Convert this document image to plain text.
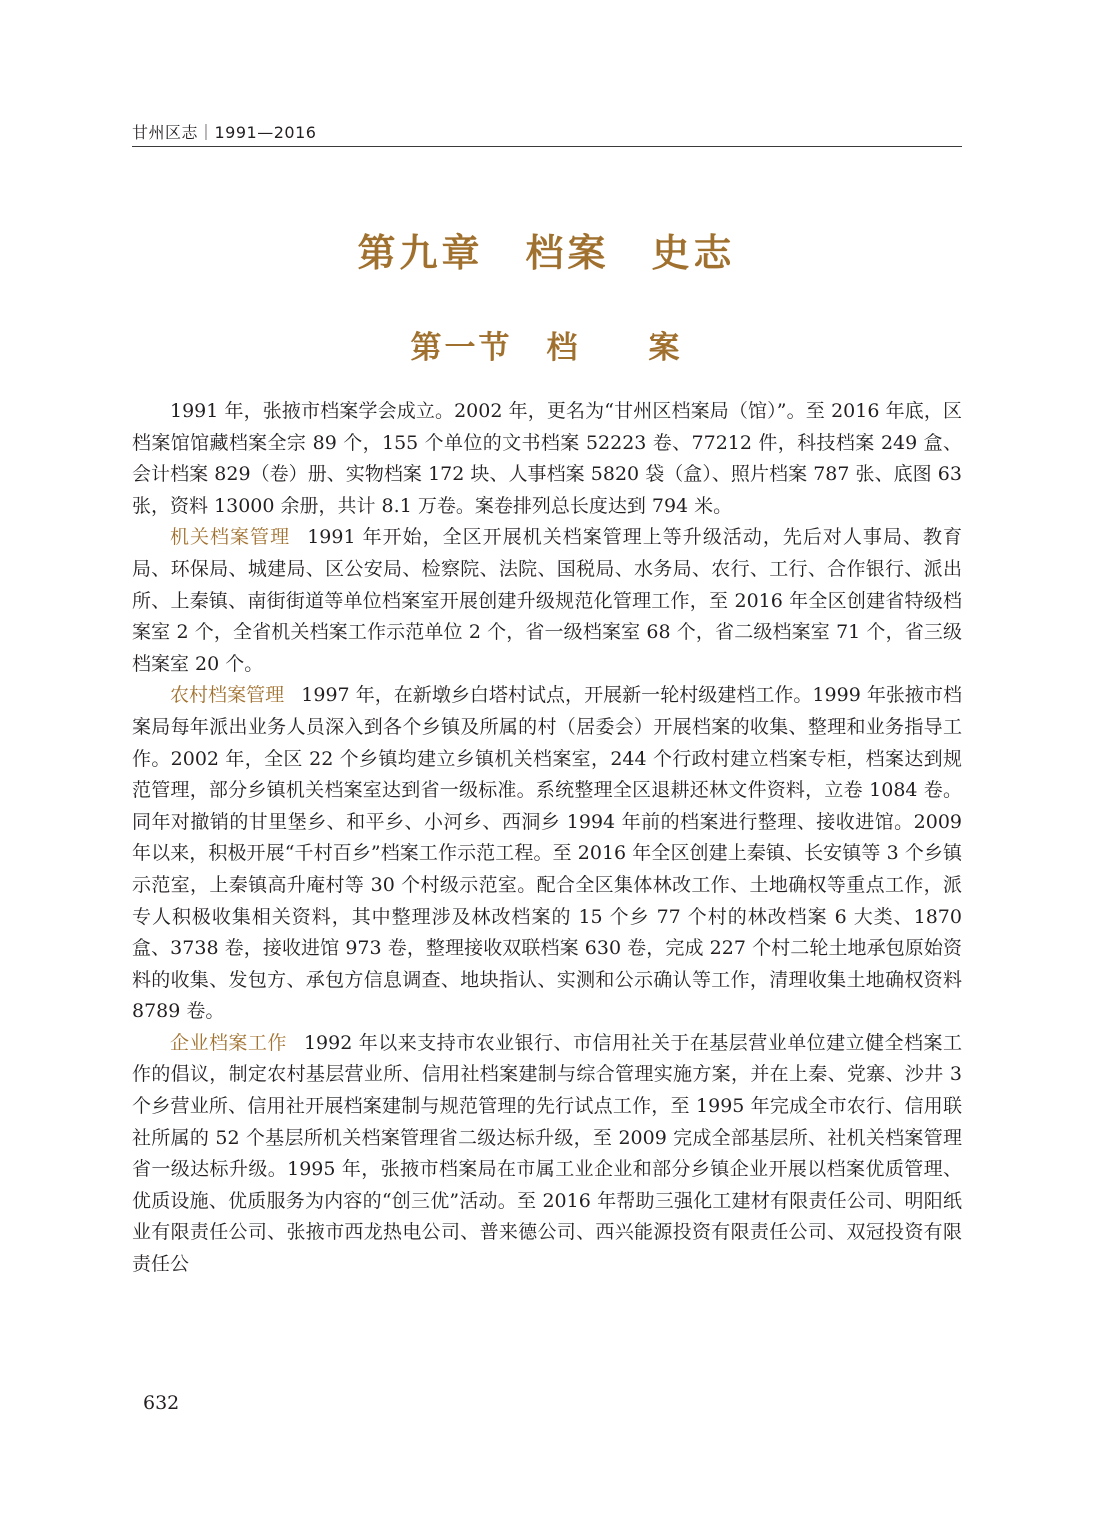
甘州区志｜1991—2016
第九章　档案　史志
第一节　档　　案

1991 年，张掖市档案学会成立。2002 年，更名为“甘州区档案局（馆）”。至 2016 年底，区档案馆馆藏档案全宗 89 个，155 个单位的文书档案 52223 卷、77212 件，科技档案 249 盒、会计档案 829（卷）册、实物档案 172 块、人事档案 5820 袋（盒）、照片档案 787 张、底图 63 张，资料 13000 余册，共计 8.1 万卷。案卷排列总长度达到 794 米。

机关档案管理 1991 年开始，全区开展机关档案管理上等升级活动，先后对人事局、教育局、环保局、城建局、区公安局、检察院、法院、国税局、水务局、农行、工行、合作银行、派出所、上秦镇、南街街道等单位档案室开展创建升级规范化管理工作，至 2016 年全区创建省特级档案室 2 个，全省机关档案工作示范单位 2 个，省一级档案室 68 个，省二级档案室 71 个，省三级档案室 20 个。

农村档案管理 1997 年，在新墩乡白塔村试点，开展新一轮村级建档工作。1999 年张掖市档案局每年派出业务人员深入到各个乡镇及所属的村（居委会）开展档案的收集、整理和业务指导工作。2002 年，全区 22 个乡镇均建立乡镇机关档案室，244 个行政村建立档案专柜，档案达到规范管理，部分乡镇机关档案室达到省一级标准。系统整理全区退耕还林文件资料，立卷 1084 卷。同年对撤销的甘里堡乡、和平乡、小河乡、西洞乡 1994 年前的档案进行整理、接收进馆。2009 年以来，积极开展“千村百乡”档案工作示范工程。至 2016 年全区创建上秦镇、长安镇等 3 个乡镇示范室，上秦镇高升庵村等 30 个村级示范室。配合全区集体林改工作、土地确权等重点工作，派专人积极收集相关资料，其中整理涉及林改档案的 15 个乡 77 个村的林改档案 6 大类、1870 盒、3738 卷，接收进馆 973 卷，整理接收双联档案 630 卷，完成 227 个村二轮土地承包原始资料的收集、发包方、承包方信息调查、地块指认、实测和公示确认等工作，清理收集土地确权资料 8789 卷。

企业档案工作 1992 年以来支持市农业银行、市信用社关于在基层营业单位建立健全档案工作的倡议，制定农村基层营业所、信用社档案建制与综合管理实施方案，并在上秦、党寨、沙井 3 个乡营业所、信用社开展档案建制与规范管理的先行试点工作，至 1995 年完成全市农行、信用联社所属的 52 个基层所机关档案管理省二级达标升级，至 2009 完成全部基层所、社机关档案管理省一级达标升级。1995 年，张掖市档案局在市属工业企业和部分乡镇企业开展以档案优质管理、优质设施、优质服务为内容的“创三优”活动。至 2016 年帮助三强化工建材有限责任公司、明阳纸业有限责任公司、张掖市西龙热电公司、普来德公司、西兴能源投资有限责任公司、双冠投资有限责任公

632
